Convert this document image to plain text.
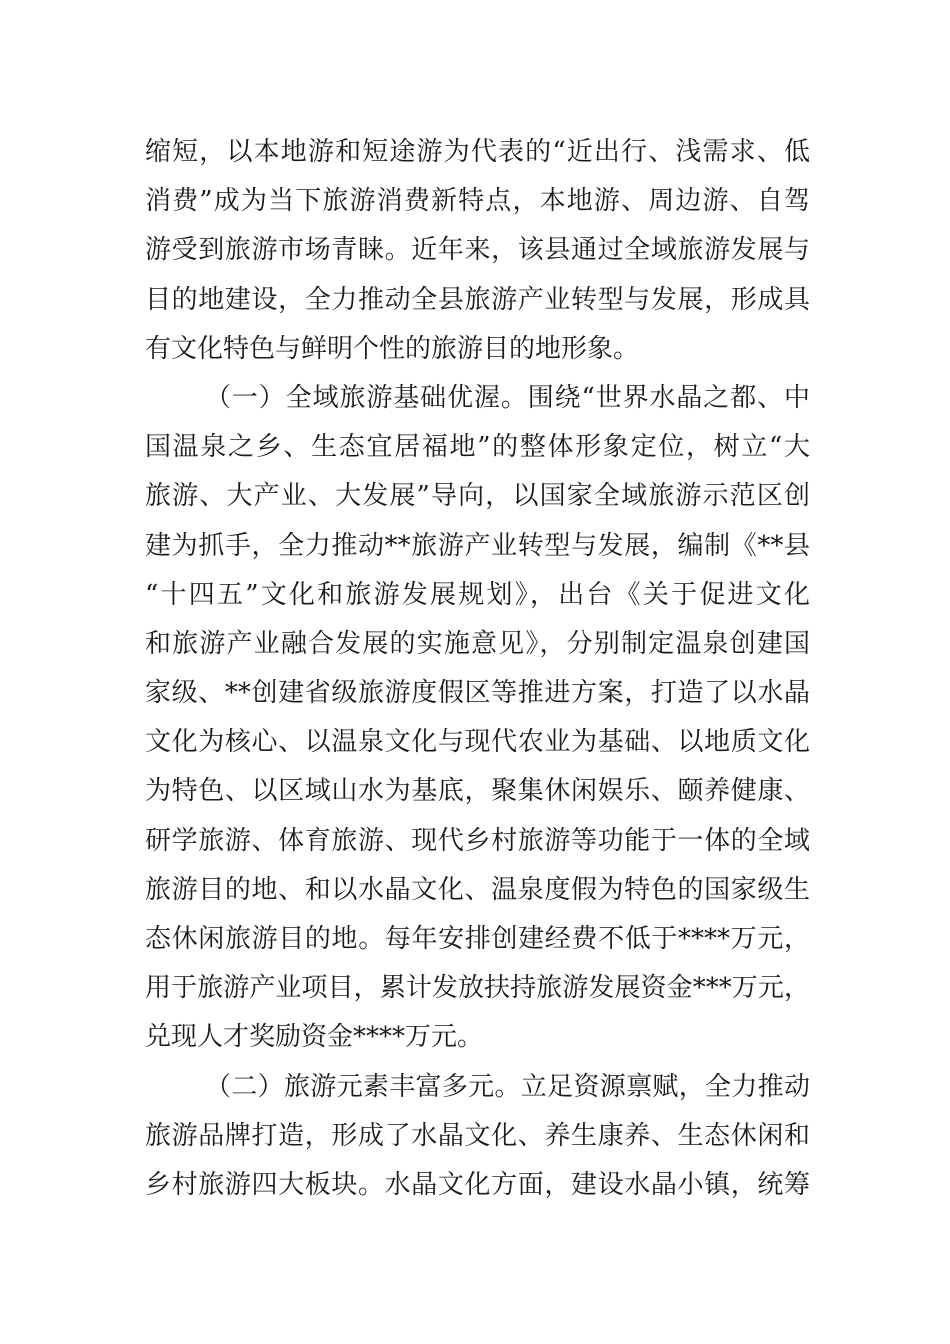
缩短，以本地游和短途游为代表的“近出行、浅需求、低
消费”成为当下旅游消费新特点，本地游、周边游、自驾
游受到旅游市场青睐。近年来，该县通过全域旅游发展与
目的地建设，全力推动全县旅游产业转型与发展，形成具
有文化特色与鲜明个性的旅游目的地形象。
（一）全域旅游基础优渥。围绕“世界水晶之都、中
国温泉之乡、生态宜居福地”的整体形象定位，树立“大
旅游、大产业、大发展”导向，以国家全域旅游示范区创
建为抓手，全力推动**旅游产业转型与发展，编制《**县
“十四五”文化和旅游发展规划》，出台《关于促进文化
和旅游产业融合发展的实施意见》，分别制定温泉创建国
家级、**创建省级旅游度假区等推进方案，打造了以水晶
文化为核心、以温泉文化与现代农业为基础、以地质文化
为特色、以区域山水为基底，聚集休闲娱乐、颐养健康、
研学旅游、体育旅游、现代乡村旅游等功能于一体的全域
旅游目的地、和以水晶文化、温泉度假为特色的国家级生
态休闲旅游目的地。每年安排创建经费不低于****万元，
用于旅游产业项目，累计发放扶持旅游发展资金***万元，
兑现人才奖励资金****万元。
（二）旅游元素丰富多元。立足资源禀赋，全力推动
旅游品牌打造，形成了水晶文化、养生康养、生态休闲和
乡村旅游四大板块。水晶文化方面，建设水晶小镇，统筹
